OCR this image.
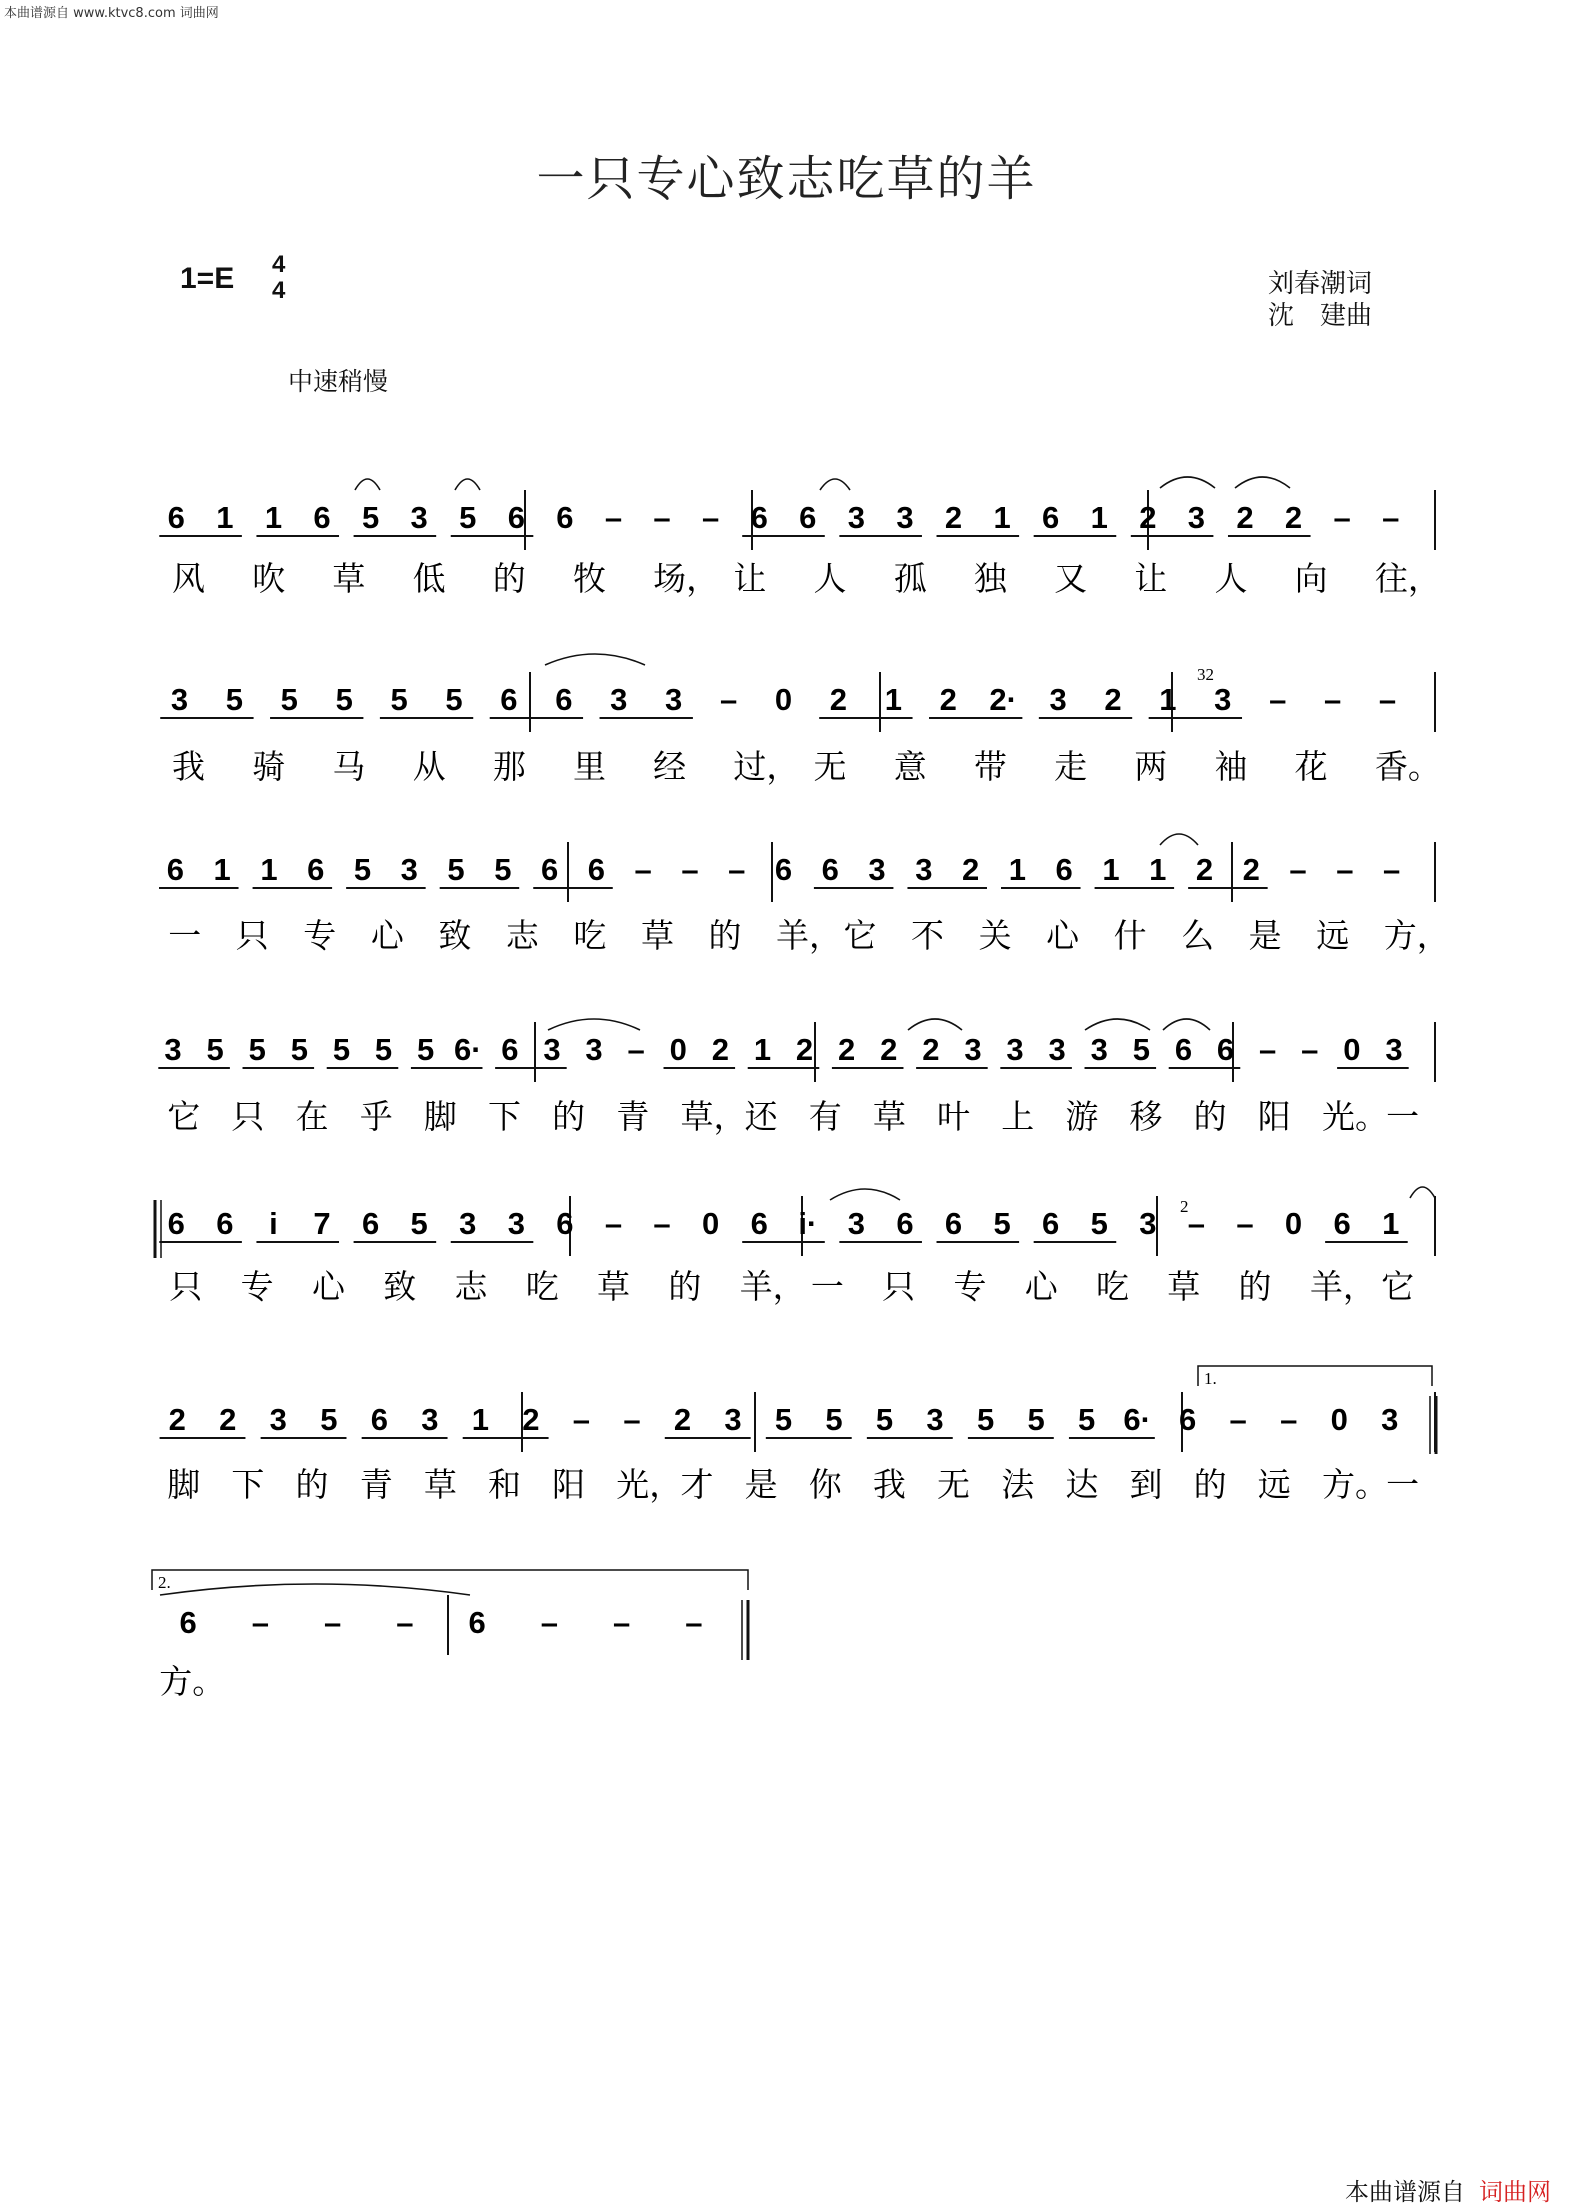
本曲谱源自 www.ktvc8.com 词曲网
一只专心致志吃草的羊
1=E 4
4	刘春潮词
沈　建曲
中速稍慢
6 1 1 6 5 3 5 6 6 – – – 6 6 3 3 2 1 6 1 2 3 2 2 – –
3 5 5 5 5 5 6 6 3 3 – 0 2 1 2 2· 3 2 1 3 – – –
6 1 1 6 5 3 5 5 6 6 – – – 6 6 3 3 2 1 6 1 1 2 2 – – –
3 5 5 5 5 5 5 6· 6 3 3 – 0 2 1 2 2 2 2 3 3 3 3 5 6 6 – – 0 3
6 6 i 7 6 5 3 3 6 – – 0 6 i· 3 6 6 5 6 5 3 – – 0 6 1
2 2 3 5 6 3 1 2 – – 2 3 5 5 5 3 5 5 5 6· 6 – – 0 3
6 – – – 6 – – –
风 吹 草 低 的 牧 场， 让 人 孤 独 又 让 人 向 往，
我 骑 马 从 那 里 经 过， 无 意 带 走 两 袖 花 香。
一 只 专 心 致 志 吃 草 的 羊， 它 不 关 心 什 么 是 远 方，
它 只 在 乎 脚 下 的 青 草，
还 有 草 叶 上 游 移 的 阳 光。
一
只 专 心 致 志 吃 草 的 羊， 一 只 专 心 吃 草 的 羊， 它
脚 下 的 青 草 和 阳 光，
才 是 你 我 无 法 达 到 的 远 方。
一
方。
1.
2.
32
2
本曲谱源自 词曲网
